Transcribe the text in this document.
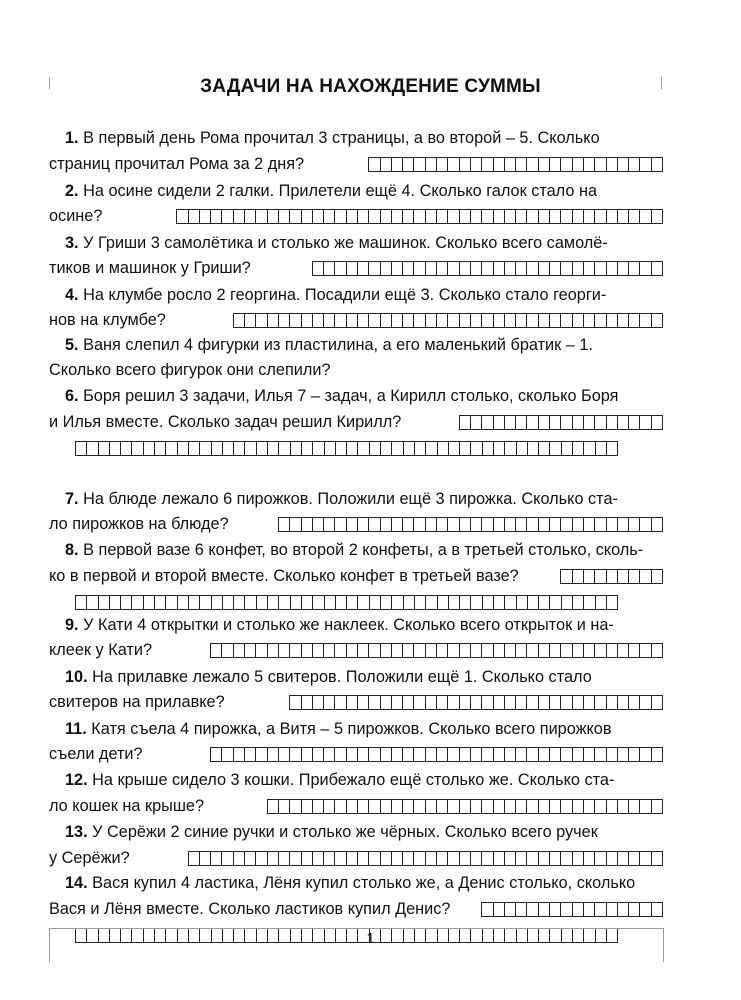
ЗАДАЧИ НА НАХОЖДЕНИЕ СУММЫ
1.
В первый день Рома прочитал 3 страницы, а во второй – 5. Сколько
страниц прочитал Рома за 2 дня?
2.
На осине сидели 2 галки. Прилетели ещё 4. Сколько галок стало на
осине?
3.
У Гриши 3 самолётика и столько же машинок. Сколько всего самолё-
тиков и машинок у Гриши?
4.
На клумбе росло 2 георгина. Посадили ещё 3. Сколько стало георги-
нов на клумбе?
5.
Ваня слепил 4 фигурки из пластилина, а его маленький братик – 1.
Сколько всего фигурок они слепили?
6.
Боря решил 3 задачи, Илья 7 – задач, а Кирилл столько, сколько Боря
и Илья вместе. Сколько задач решил Кирилл?
7.
На блюде лежало 6 пирожков. Положили ещё 3 пирожка. Сколько ста-
ло пирожков на блюде?
8.
В первой вазе 6 конфет, во второй 2 конфеты, а в третьей столько, сколь-
ко в первой и второй вместе. Сколько конфет в третьей вазе?
9.
У Кати 4 открытки и столько же наклеек. Сколько всего открыток и на-
клеек у Кати?
10.
На прилавке лежало 5 свитеров. Положили ещё 1. Сколько стало
свитеров на прилавке?
11.
Катя съела 4 пирожка, а Витя – 5 пирожков. Сколько всего пирожков
съели дети?
12.
На крыше сидело 3 кошки. Прибежало ещё столько же. Сколько ста-
ло кошек на крыше?
13.
У Серёжи 2 синие ручки и столько же чёрных. Сколько всего ручек
у Серёжи?
14.
Вася купил 4 ластика, Лёня купил столько же, а Денис столько, сколько
Вася и Лёня вместе. Сколько ластиков купил Денис?
1
